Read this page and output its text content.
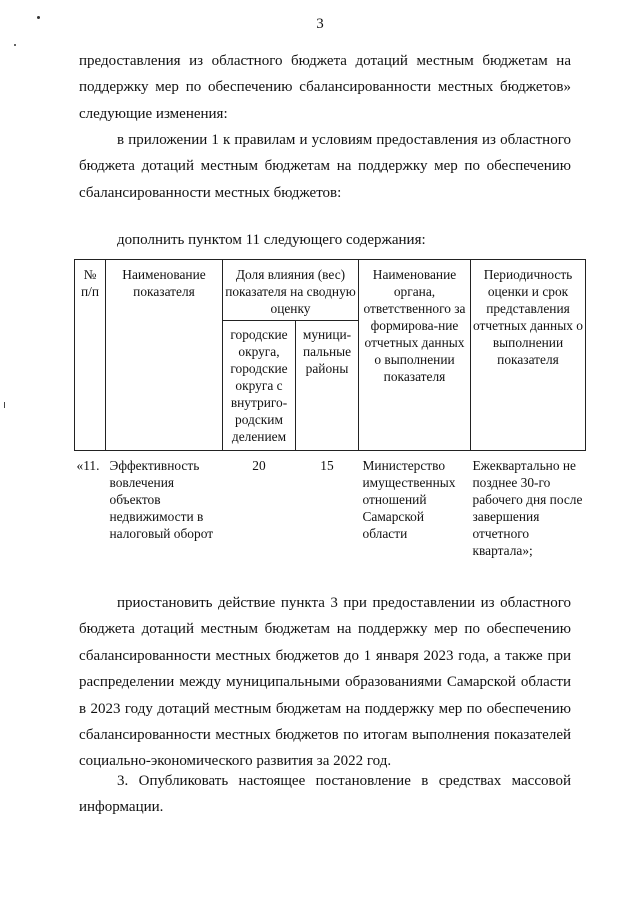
3

предоставления из областного бюджета дотаций местным бюджетам на поддержку мер по обеспечению сбалансированности местных бюджетов» следующие изменения:

в приложении 1 к правилам и условиям предоставления из областного бюджета дотаций местным бюджетам на поддержку мер по обеспечению сбалансированности местных бюджетов:

дополнить пунктом 11 следующего содержания:

№ п/п	Наименование показателя	Доля влияния (вес) показателя на сводную оценку		Наименование органа, ответственного за формирова-ние отчетных данных о выполнении показателя	Периодичность оценки и срок представления отчетных данных о выполнении показателя
		городские округа, городские округа с внутриго-родским делением	муници-пальные районы		
«11.	Эффективность вовлечения объектов недвижимости в налоговый оборот	20	15	Министерство имущественных отношений Самарской области	Ежеквартально не позднее 30-го рабочего дня после завершения отчетного квартала»;

приостановить действие пункта 3 при предоставлении из областного бюджета дотаций местным бюджетам на поддержку мер по обеспечению сбалансированности местных бюджетов до 1 января 2023 года, а также при распределении между муниципальными образованиями Самарской области в 2023 году дотаций местным бюджетам на поддержку мер по обеспечению сбалансированности местных бюджетов по итогам выполнения показателей социально-экономического развития за 2022 год.

3. Опубликовать настоящее постановление в средствах массовой информации.
